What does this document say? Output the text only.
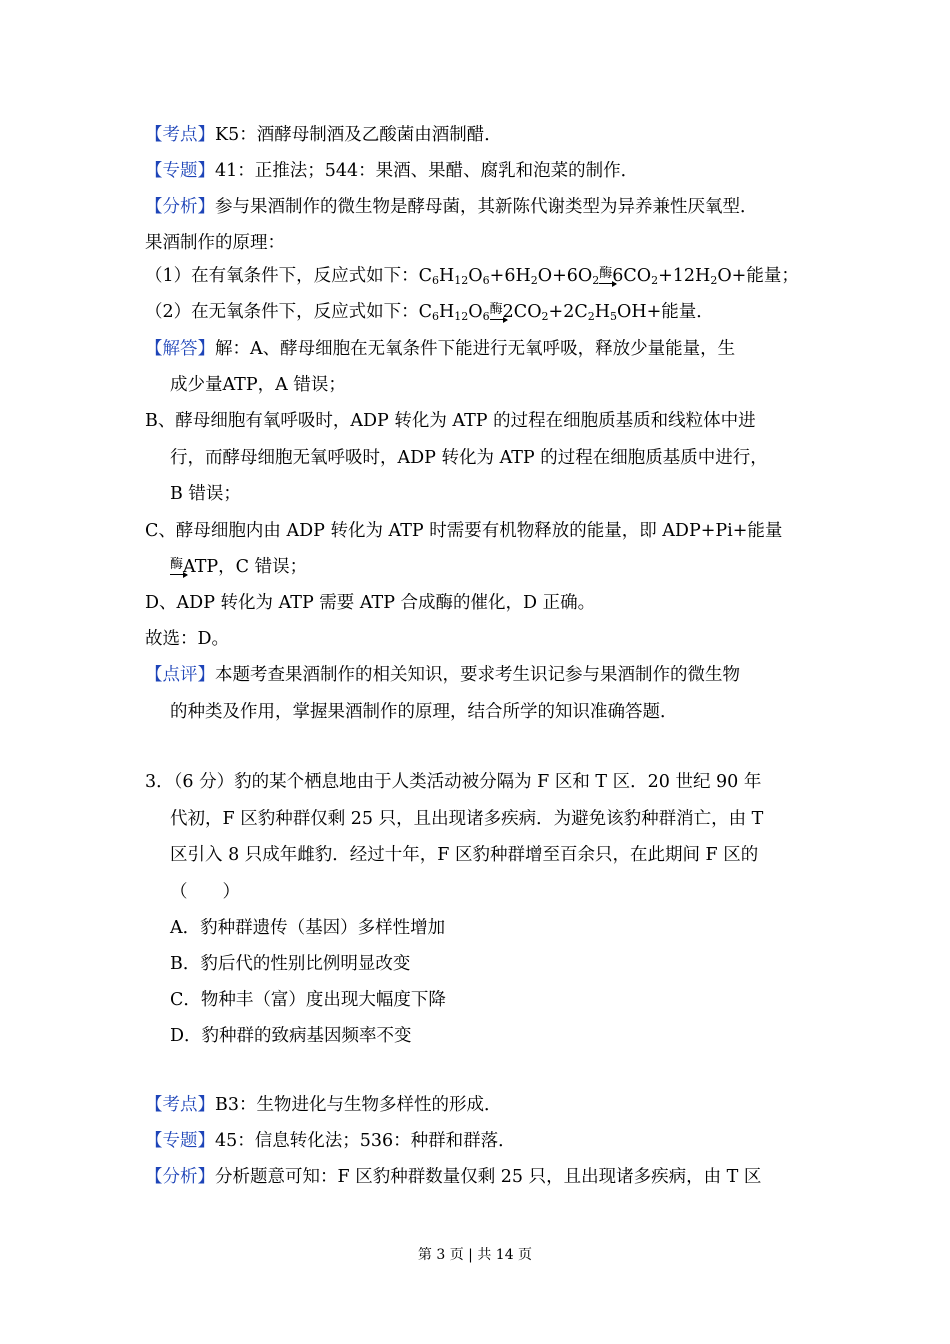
【考点】K5：酒酵母制酒及乙酸菌由酒制醋．
【专题】41：正推法；544：果酒、果醋、腐乳和泡菜的制作．
【分析】参与果酒制作的微生物是酵母菌，其新陈代谢类型为异养兼性厌氧型．
果酒制作的原理：
（1）在有氧条件下，反应式如下：$C_6H_{12}O_6+6H_2O+6O_2$酶$6CO_2+12H_2O+$能量；
（2）在无氧条件下，反应式如下：$C_6H_{12}O_6$酶$2CO_2+2C_2H_5OH+$能量．
【解答】解：A、酵母细胞在无氧条件下能进行无氧呼吸，释放少量能量，生
成少量ATP，A 错误；
B、酵母细胞有氧呼吸时，ADP 转化为 ATP 的过程在细胞质基质和线粒体中进
行，而酵母细胞无氧呼吸时，ADP 转化为 ATP 的过程在细胞质基质中进行，
B 错误；
C、酵母细胞内由 ADP 转化为 ATP 时需要有机物释放的能量，即 ADP+Pi+能量
酶ATP，C 错误；
D、ADP 转化为 ATP 需要 ATP 合成酶的催化，D 正确。
故选：D。
【点评】本题考查果酒制作的相关知识，要求考生识记参与果酒制作的微生物
的种类及作用，掌握果酒制作的原理，结合所学的知识准确答题．
3．（6 分）豹的某个栖息地由于人类活动被分隔为 F 区和 T 区．20 世纪 90 年
代初，F 区豹种群仅剩 25 只，且出现诸多疾病．为避免该豹种群消亡，由 T
区引入 8 只成年雌豹．经过十年，F 区豹种群增至百余只，在此期间 F 区的
（　　）
A．豹种群遗传（基因）多样性增加
B．豹后代的性别比例明显改变
C．物种丰（富）度出现大幅度下降
D．豹种群的致病基因频率不变
【考点】B3：生物进化与生物多样性的形成．
【专题】45：信息转化法；536：种群和群落．
【分析】分析题意可知：F 区豹种群数量仅剩 25 只，且出现诸多疾病，由 T 区
第 3 页 | 共 14 页
